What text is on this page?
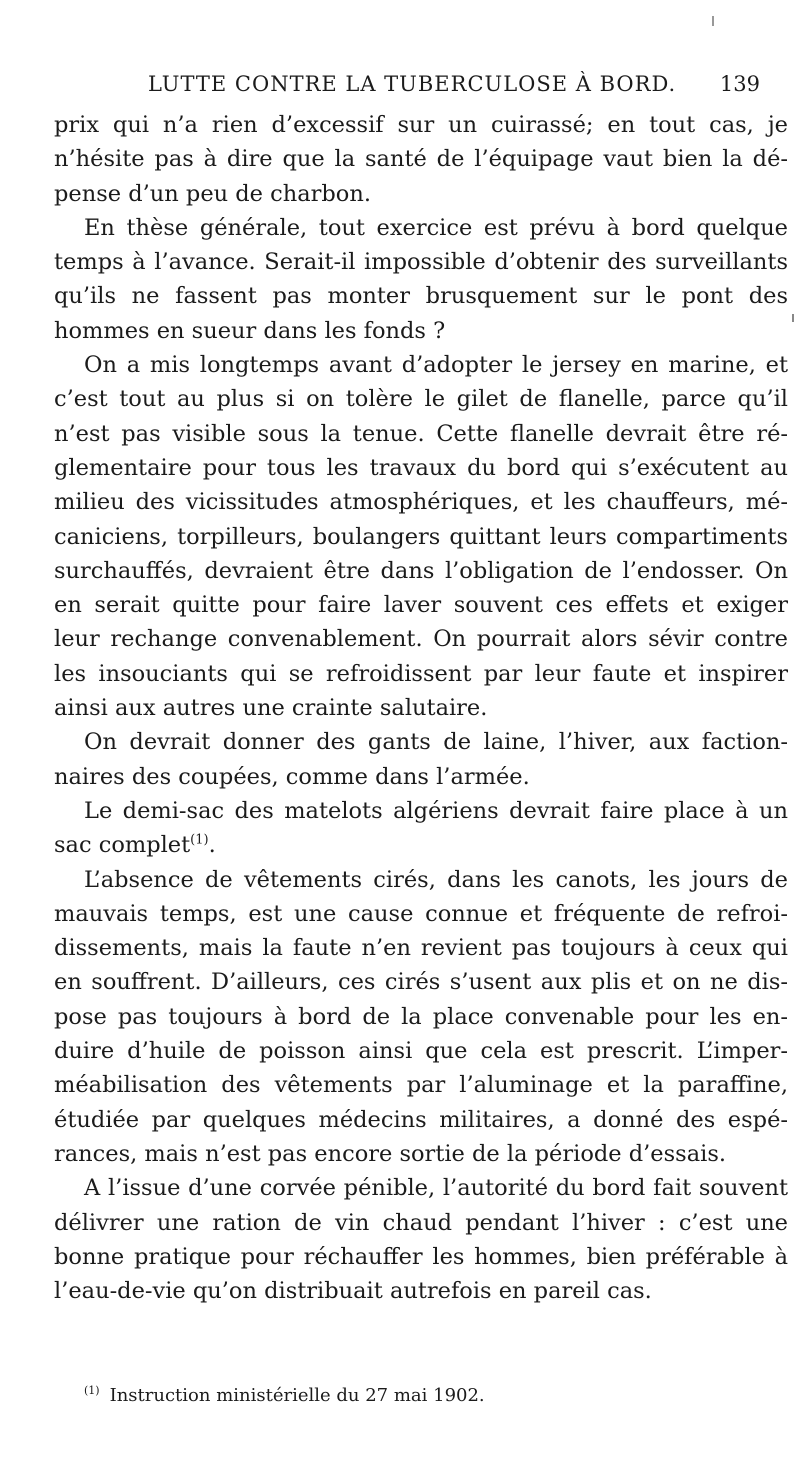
LUTTE CONTRE LA TUBERCULOSE À BORD. 139
prix qui n’a rien d’excessif sur un cuirassé; en tout cas, je
n’hésite pas à dire que la santé de l’équipage vaut bien la dé-
pense d’un peu de charbon.
En thèse générale, tout exercice est prévu à bord quelque
temps à l’avance. Serait-il impossible d’obtenir des surveillants
qu’ils ne fassent pas monter brusquement sur le pont des
hommes en sueur dans les fonds ?
On a mis longtemps avant d’adopter le jersey en marine, et
c’est tout au plus si on tolère le gilet de flanelle, parce qu’il
n’est pas visible sous la tenue. Cette flanelle devrait être ré-
glementaire pour tous les travaux du bord qui s’exécutent au
milieu des vicissitudes atmosphériques, et les chauffeurs, mé-
caniciens, torpilleurs, boulangers quittant leurs compartiments
surchauffés, devraient être dans l’obligation de l’endosser. On
en serait quitte pour faire laver souvent ces effets et exiger
leur rechange convenablement. On pourrait alors sévir contre
les insouciants qui se refroidissent par leur faute et inspirer
ainsi aux autres une crainte salutaire.
On devrait donner des gants de laine, l’hiver, aux faction-
naires des coupées, comme dans l’armée.
Le demi-sac des matelots algériens devrait faire place à un
sac complet$^{(1)}$.
L’absence de vêtements cirés, dans les canots, les jours de
mauvais temps, est une cause connue et fréquente de refroi-
dissements, mais la faute n’en revient pas toujours à ceux qui
en souffrent. D’ailleurs, ces cirés s’usent aux plis et on ne dis-
pose pas toujours à bord de la place convenable pour les en-
duire d’huile de poisson ainsi que cela est prescrit. L’imper-
méabilisation des vêtements par l’aluminage et la paraffine,
étudiée par quelques médecins militaires, a donné des espé-
rances, mais n’est pas encore sortie de la période d’essais.
A l’issue d’une corvée pénible, l’autorité du bord fait souvent
délivrer une ration de vin chaud pendant l’hiver : c’est une
bonne pratique pour réchauffer les hommes, bien préférable à
l’eau-de-vie qu’on distribuait autrefois en pareil cas.
$^{(1)}$ Instruction ministérielle du 27 mai 1902.
